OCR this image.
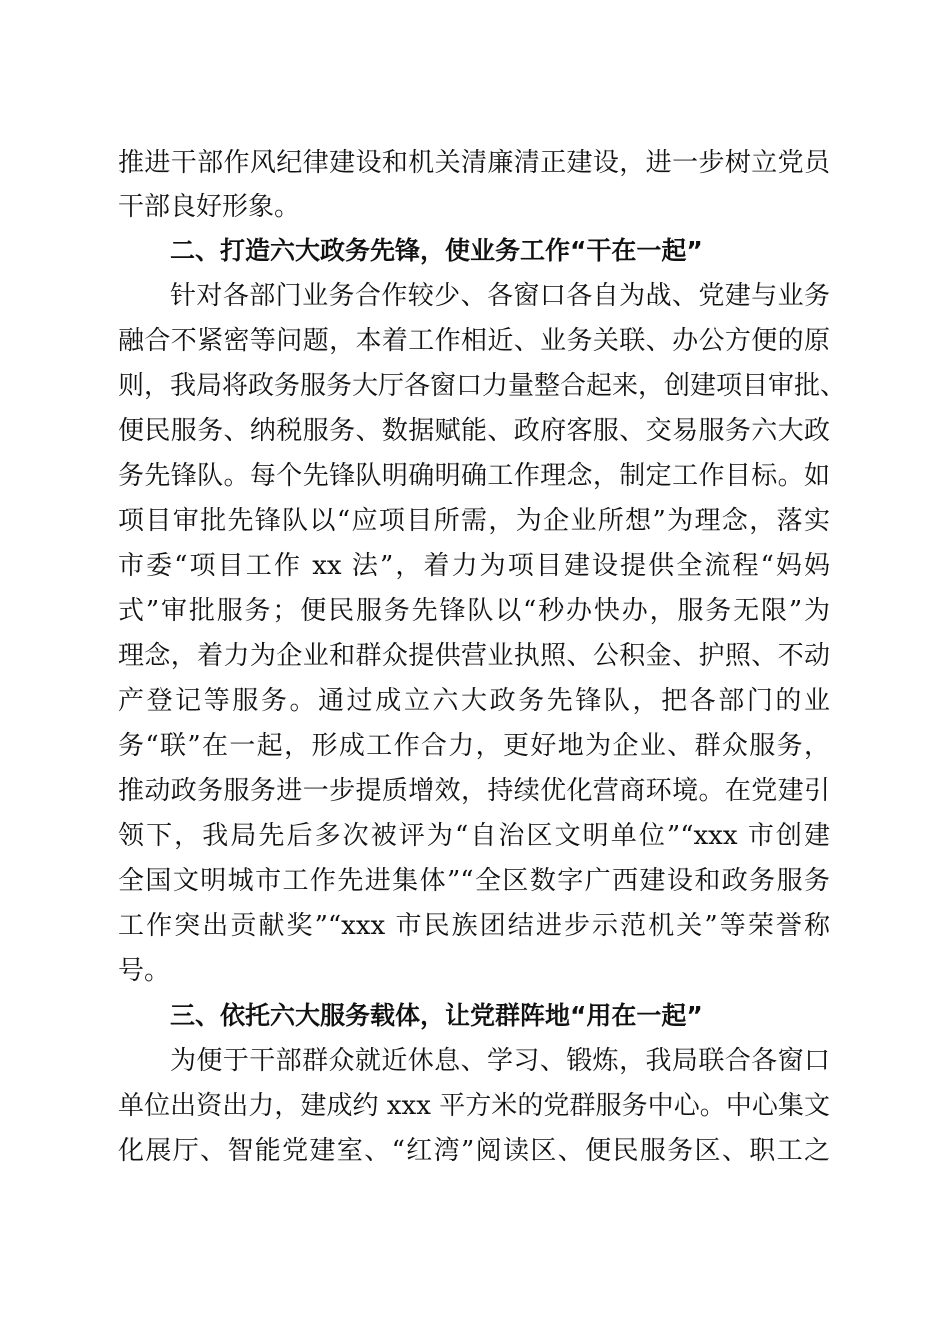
推进干部作风纪律建设和机关清廉清正建设，进一步树立党员
干部良好形象。
二、打造六大政务先锋，使业务工作“干在一起”
针对各部门业务合作较少、各窗口各自为战、党建与业务
融合不紧密等问题，本着工作相近、业务关联、办公方便的原
则，我局将政务服务大厅各窗口力量整合起来，创建项目审批、
便民服务、纳税服务、数据赋能、政府客服、交易服务六大政
务先锋队。每个先锋队明确明确工作理念，制定工作目标。如
项目审批先锋队以“应项目所需，为企业所想”为理念，落实
市委“项目工作 xx 法”，着力为项目建设提供全流程“妈妈
式”审批服务；便民服务先锋队以“秒办快办，服务无限”为
理念，着力为企业和群众提供营业执照、公积金、护照、不动
产登记等服务。通过成立六大政务先锋队，把各部门的业
务“联”在一起，形成工作合力，更好地为企业、群众服务，
推动政务服务进一步提质增效，持续优化营商环境。在党建引
领下，我局先后多次被评为“自治区文明单位”“xxx 市创建
全国文明城市工作先进集体”“全区数字广西建设和政务服务
工作突出贡献奖”“xxx 市民族团结进步示范机关”等荣誉称
号。
三、依托六大服务载体，让党群阵地“用在一起”
为便于干部群众就近休息、学习、锻炼，我局联合各窗口
单位出资出力，建成约 xxx 平方米的党群服务中心。中心集文
化展厅、智能党建室、“红湾”阅读区、便民服务区、职工之
